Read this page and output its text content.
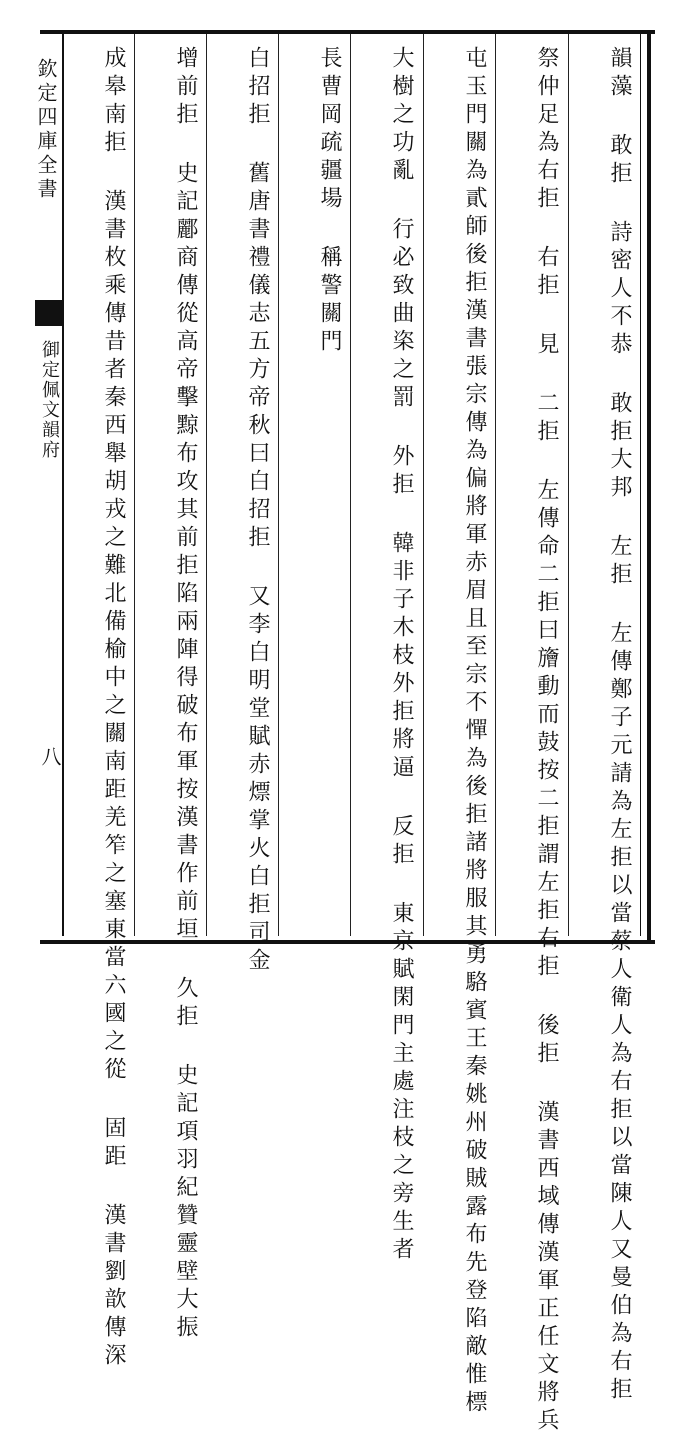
欽定四庫全書
御定佩文韻府
八	韻藻 敢拒 詩密人不恭 敢拒大邦 左拒 左傳鄭子元請為左拒以當蔡人衛人為右拒以當陳人又曼伯為右拒
祭仲足為右拒 右拒 見 二拒 左傳命二拒曰旝動而鼓按二拒謂左拒右拒 後拒 漢書西域傳漢軍正任文將兵
屯玉門關為貳師後拒漢書張宗傳為偏將軍赤眉且至宗不憚為後拒諸將服其勇駱賓王秦姚州破賊露布先登陷敵惟標
大樹之功亂 行必致曲栥之罰 外拒 韓非子木枝外拒將逼 反拒 東京賦閑門主處注枝之旁生者
長曹岡疏疆場 稱警關門
白招拒 舊唐書禮儀志五方帝秋曰白招拒 又李白明堂賦赤熛掌火白拒司金
增前拒 史記酈商傳從高帝擊黥布攻其前拒陷兩陣得破布軍按漢書作前垣 久拒 史記項羽紀贊靈壁大振
成皋南拒 漢書枚乘傳昔者秦西舉胡戎之難北備榆中之關南距羌笮之塞東當六國之從 固距 漢書劉歆傳深
